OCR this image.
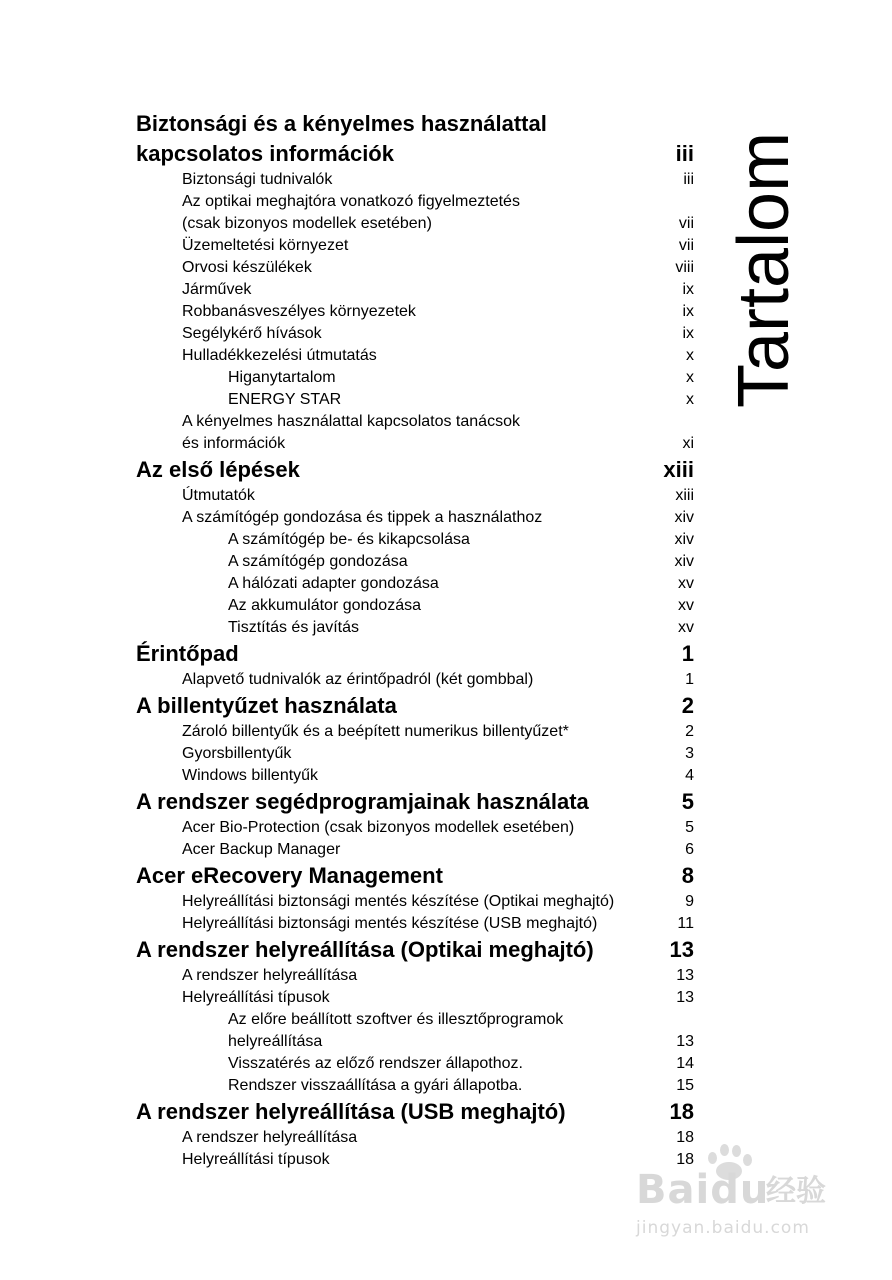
Tartalom
Biztonsági és a kényelmes használattal
kapcsolatos információk	iii
Biztonsági tudnivalók	iii
Az optikai meghajtóra vonatkozó figyelmeztetés
(csak bizonyos modellek esetében)	vii
Üzemeltetési környezet	vii
Orvosi készülékek	viii
Járművek	ix
Robbanásveszélyes környezetek	ix
Segélykérő hívások	ix
Hulladékkezelési útmutatás	x
Higanytartalom	x
ENERGY STAR	x
A kényelmes használattal kapcsolatos tanácsok
és információk	xi
Az első lépések	xiii
Útmutatók	xiii
A számítógép gondozása és tippek a használathoz	xiv
A számítógép be- és kikapcsolása	xiv
A számítógép gondozása	xiv
A hálózati adapter gondozása	xv
Az akkumulátor gondozása	xv
Tisztítás és javítás	xv
Érintőpad	1
Alapvető tudnivalók az érintőpadról (két gombbal)	1
A billentyűzet használata	2
Zároló billentyűk és a beépített numerikus billentyűzet*	2
Gyorsbillentyűk	3
Windows billentyűk	4
A rendszer segédprogramjainak használata	5
Acer Bio-Protection (csak bizonyos modellek esetében)	5
Acer Backup Manager	6
Acer eRecovery Management	8
Helyreállítási biztonsági mentés készítése (Optikai meghajtó)	9
Helyreállítási biztonsági mentés készítése (USB meghajtó)	11
A rendszer helyreállítása (Optikai meghajtó)	13
A rendszer helyreállítása	13
Helyreállítási típusok	13
Az előre beállított szoftver és illesztőprogramok
helyreállítása	13
Visszatérés az előző rendszer állapothoz.	14
Rendszer visszaállítása a gyári állapotba.	15
A rendszer helyreállítása (USB meghajtó)	18
A rendszer helyreállítása	18
Helyreállítási típusok	18
Baidu
经验
jingyan.baidu.com
